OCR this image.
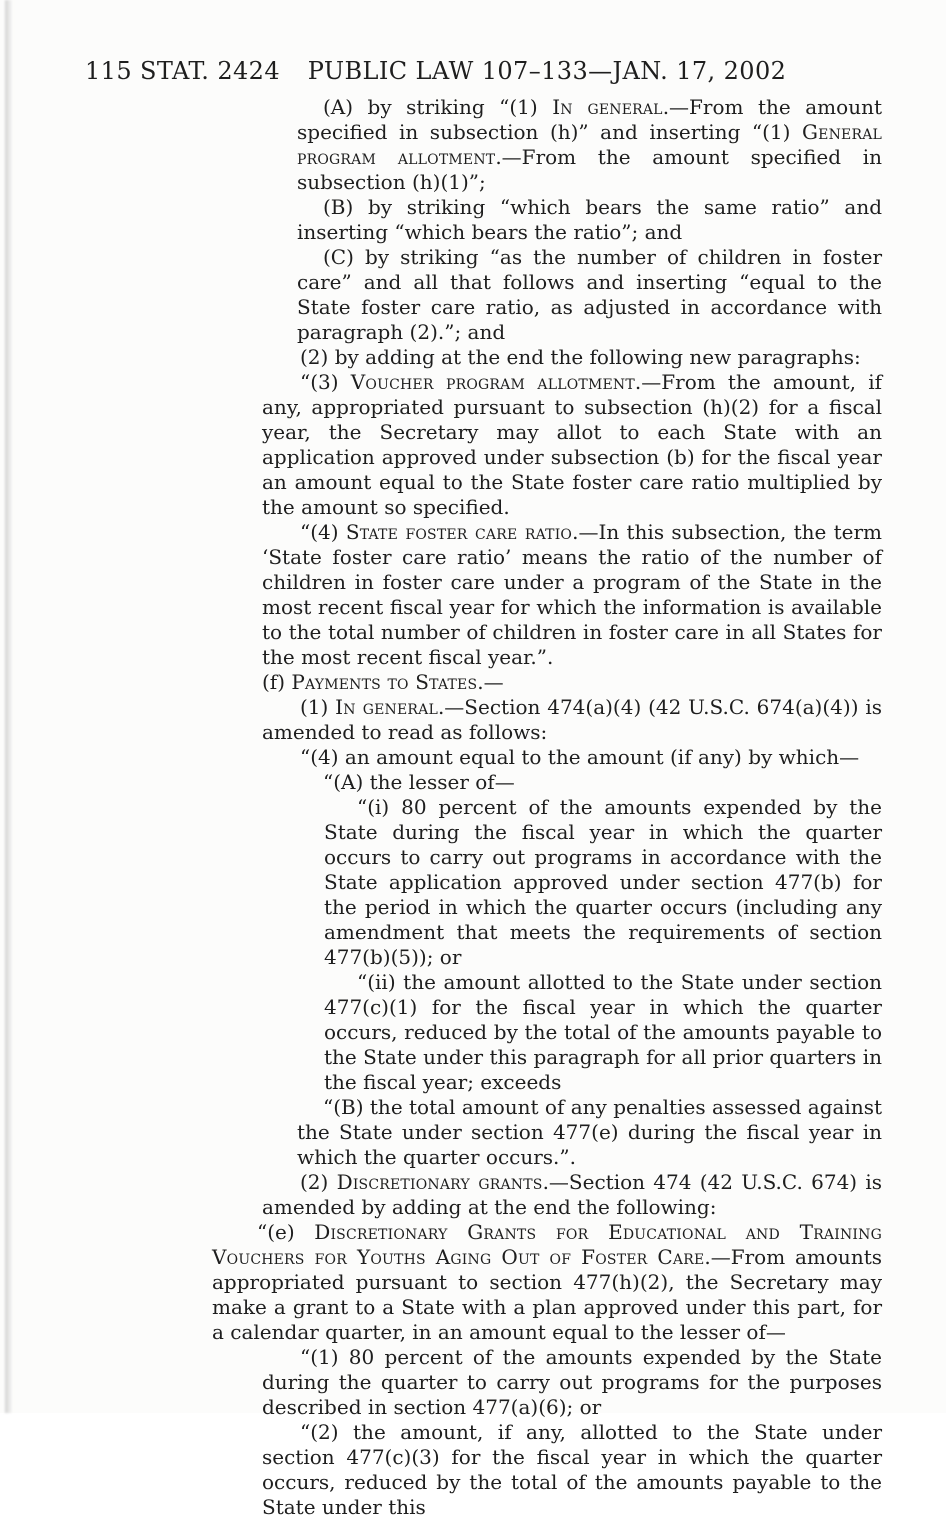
115 STAT. 2424	PUBLIC LAW 107–133—JAN. 17, 2002

(A) by striking “(1) In general.—From the amount specified in subsection (h)” and inserting “(1) General program allotment.—From the amount specified in subsection (h)(1)”;

(B) by striking “which bears the same ratio” and inserting “which bears the ratio”; and

(C) by striking “as the number of children in foster care” and all that follows and inserting “equal to the State foster care ratio, as adjusted in accordance with paragraph (2).”; and

(2) by adding at the end the following new paragraphs:

“(3) Voucher program allotment.—From the amount, if any, appropriated pursuant to subsection (h)(2) for a fiscal year, the Secretary may allot to each State with an application approved under subsection (b) for the fiscal year an amount equal to the State foster care ratio multiplied by the amount so specified.

“(4) State foster care ratio.—In this subsection, the term ‘State foster care ratio’ means the ratio of the number of children in foster care under a program of the State in the most recent fiscal year for which the information is available to the total number of children in foster care in all States for the most recent fiscal year.”.

(f) Payments to States.—

(1) In general.—Section 474(a)(4) (42 U.S.C. 674(a)(4)) is amended to read as follows:

“(4) an amount equal to the amount (if any) by which—

“(A) the lesser of—

“(i) 80 percent of the amounts expended by the State during the fiscal year in which the quarter occurs to carry out programs in accordance with the State application approved under section 477(b) for the period in which the quarter occurs (including any amendment that meets the requirements of section 477(b)(5)); or

“(ii) the amount allotted to the State under section 477(c)(1) for the fiscal year in which the quarter occurs, reduced by the total of the amounts payable to the State under this paragraph for all prior quarters in the fiscal year; exceeds

“(B) the total amount of any penalties assessed against the State under section 477(e) during the fiscal year in which the quarter occurs.”.

(2) Discretionary grants.—Section 474 (42 U.S.C. 674) is amended by adding at the end the following:

“(e) Discretionary Grants for Educational and Training Vouchers for Youths Aging Out of Foster Care.—From amounts appropriated pursuant to section 477(h)(2), the Secretary may make a grant to a State with a plan approved under this part, for a calendar quarter, in an amount equal to the lesser of—

“(1) 80 percent of the amounts expended by the State during the quarter to carry out programs for the purposes described in section 477(a)(6); or

“(2) the amount, if any, allotted to the State under section 477(c)(3) for the fiscal year in which the quarter occurs, reduced by the total of the amounts payable to the State under this
